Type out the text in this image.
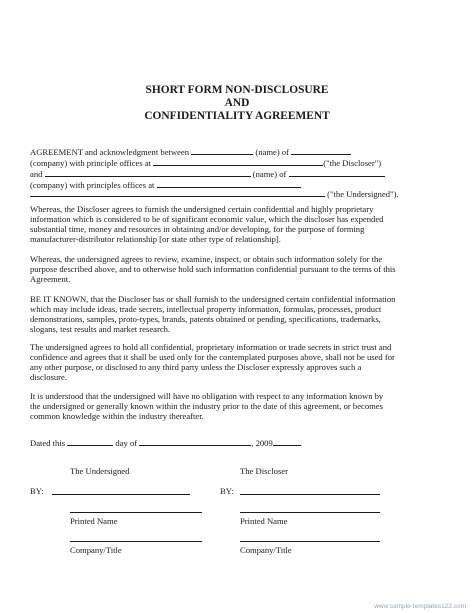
SHORT FORM NON-DISCLOSURE
AND
CONFIDENTIALITY AGREEMENT
AGREEMENT and acknowledgment between	(name) of
(company) with principle offices at	("the Discloser")
and	(name) of
(company) with principles offices at
("the Undersigned").
Whereas, the Discloser agrees to furnish the undersigned certain confidential and highly proprietary
information which is considered to be of significant economic value, which the discloser has expended
substantial time, money and resources in obtaining and/or developing, for the purpose of forming
manufacturer-distributor relationship [or state other type of relationship].
Whereas, the undersigned agrees to review, examine, inspect, or obtain such information solely for the
purpose described above, and to otherwise hold such information confidential pursuant to the terms of this
Agreement.
BE IT KNOWN, that the Discloser has or shall furnish to the undersigned certain confidential information
which may include ideas, trade secrets, intellectual property information, formulas, processes, product
demonstrations, samples, proto-types, brands, patents obtained or pending, specifications, trademarks,
slogans, test results and market research.
The undersigned agrees to hold all confidential, proprietary information or trade secrets in strict trust and
confidence and agrees that it shall be used only for the contemplated purposes above, shall not be used for
any other purpose, or disclosed to any third party unless the Discloser expressly approves such a
disclosure.
It is understood that the undersigned will have no obligation with respect to any information known by
the undersigned or generally known within the industry prior to the date of this agreement, or becomes
common knowledge within the industry thereafter.
Dated this	day of	, 2009
The Undersigned	The Discloser
BY:	BY:
Printed Name	Printed Name
Company/Title	Company/Title
www.sample-templates123.com
